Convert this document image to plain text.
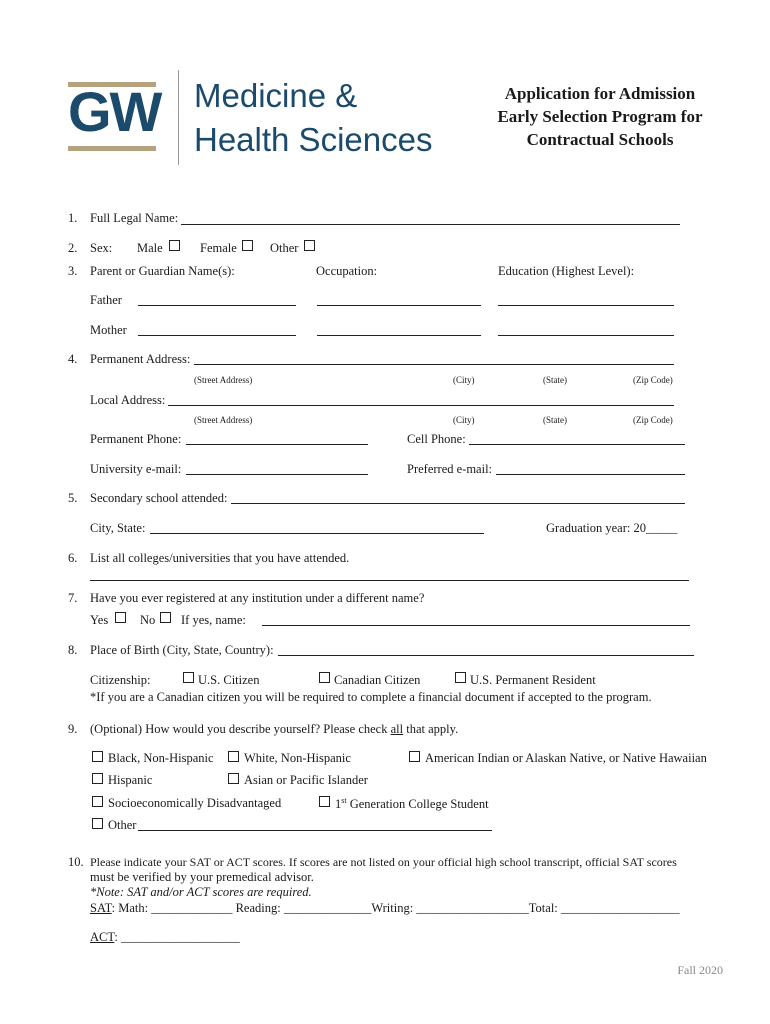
GW Medicine &
Health Sciences
Application for Admission
Early Selection Program for
Contractual Schools
1. Full Legal Name:
2. Sex: Male	Female	Other
3. Parent or Guardian Name(s):	Occupation:	Education (Highest Level):
Father
Mother
4. Permanent Address:
(Street Address)	(City)	(State)	(Zip Code)
Local Address:
(Street Address)	(City)	(State)	(Zip Code)
Permanent Phone:	Cell Phone:
University e-mail:	Preferred e-mail:
5. Secondary school attended:
City, State:	Graduation year: 20_____
6. List all colleges/universities that you have attended.
7. Have you ever registered at any institution under a different name?
Yes	No If yes, name:
8. Place of Birth (City, State, Country):
Citizenship:	U.S. Citizen	Canadian Citizen	U.S. Permanent Resident
*If you are a Canadian citizen you will be required to complete a financial document if accepted to the program.
9. (Optional) How would you describe yourself? Please check all that apply.
Black, Non-Hispanic White, Non-Hispanic	American Indian or Alaskan Native, or Native Hawaiian
Hispanic	Asian or Pacific Islander
Socioeconomically Disadvantaged	1st Generation College Student
Other
10. Please indicate your SAT or ACT scores. If scores are not listed on your official high school transcript, official SAT scores
must be verified by your premedical advisor.
*Note: SAT and/or ACT scores are required.
SAT: Math: _____________ Reading: ______________Writing: __________________Total: ___________________
ACT: ___________________
Fall 2020
